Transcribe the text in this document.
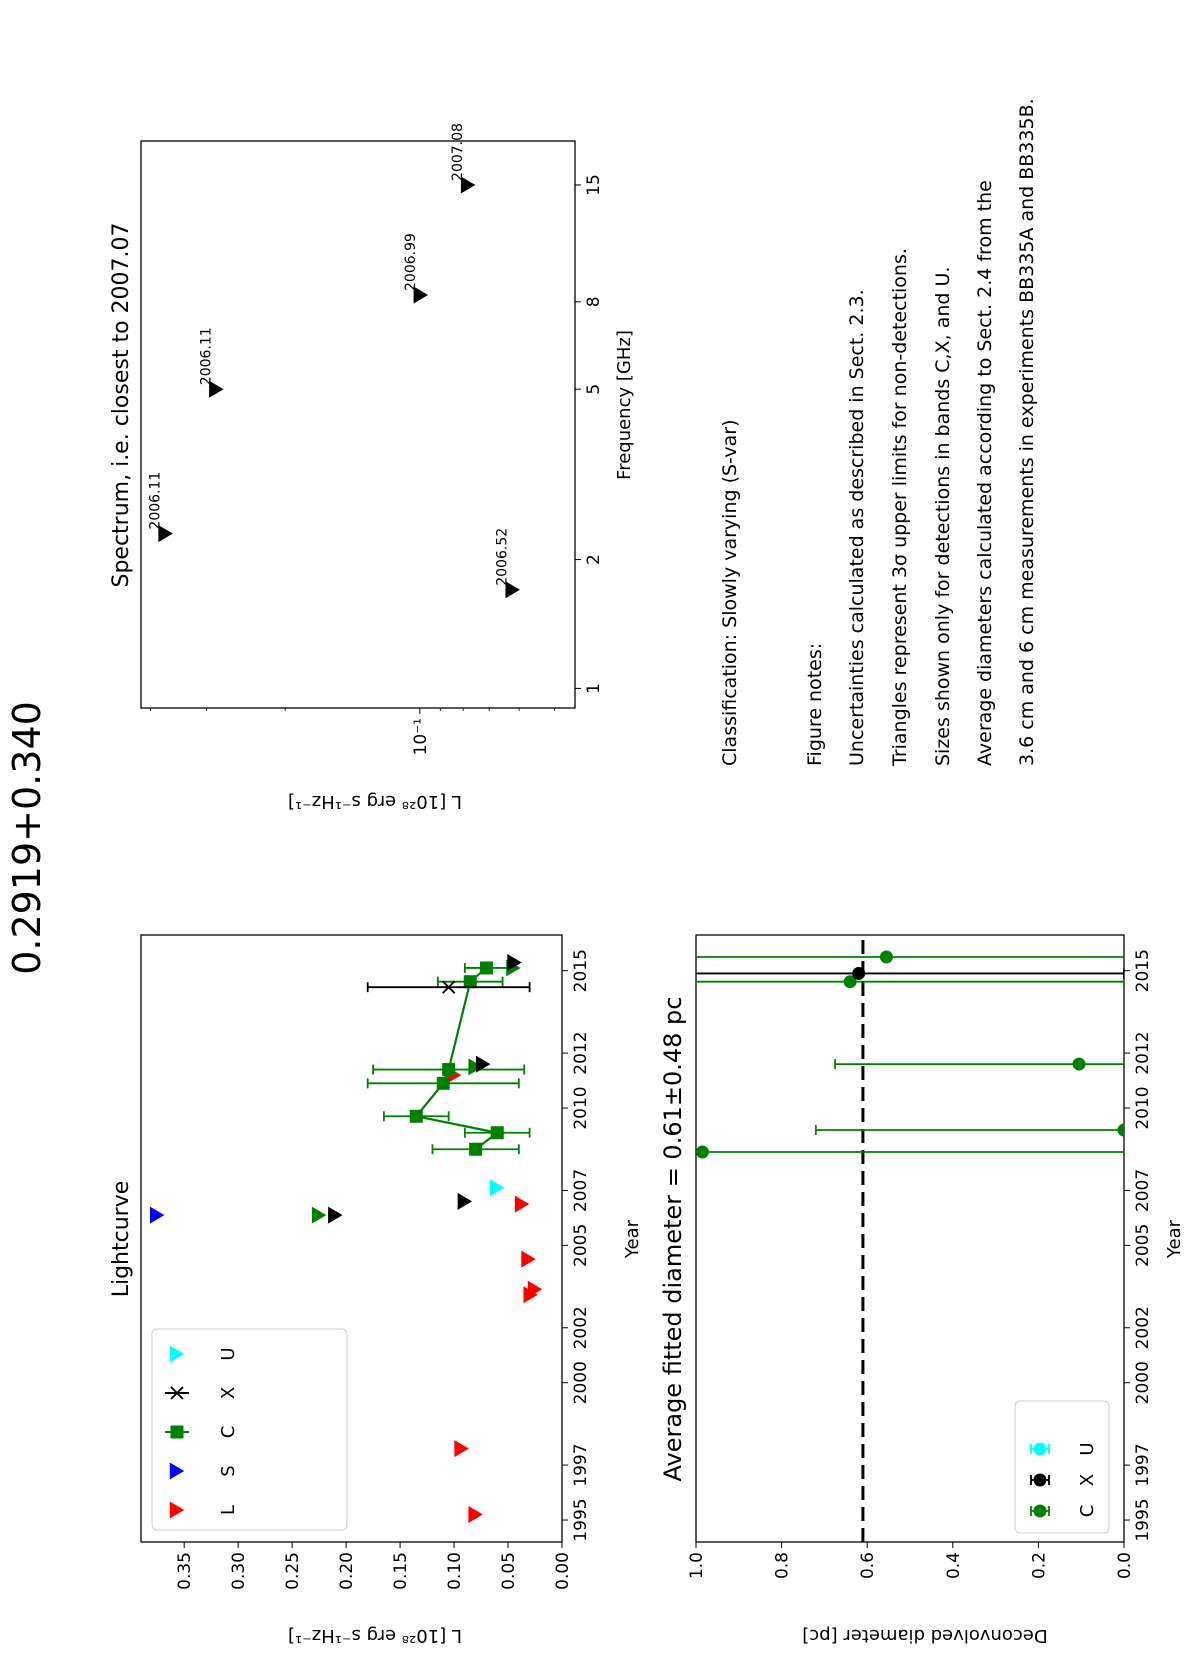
0.2919+0.340
Lightcurve	Year
L [10²⁸ erg s⁻¹Hz⁻¹]
1995
1997
2000
2002
2005
2007
2010
2012
2015
0.00
0.05
0.10
0.15
0.20
0.25
0.30
0.35
L
S
C
X
U
Spectrum, i.e. closest to 2007.07	Frequency [GHz]
L [10²⁸ erg s⁻¹Hz⁻¹]
1
2
5
8
15
10⁻¹
2006.52
2006.11
2006.11
2006.99
2007.08
Average fitted diameter = 0.61±0.48 pc	Year
Deconvolved diameter [pc]
1995
1997
2000
2002
2005
2007
2010
2012
2015
0.0
0.2
0.4
0.6
0.8
1.0
C
X
U
Classification: Slowly varying (S-var)	Figure notes: Uncertainties calculated as described in Sect. 2.3. Triangles represent 3σ upper limits for non-detections. Sizes shown only for detections in bands C,X, and U. Average diameters calculated according to Sect. 2.4 from the 3.6 cm and 6 cm measurements in experiments BB335A and BB335B.
